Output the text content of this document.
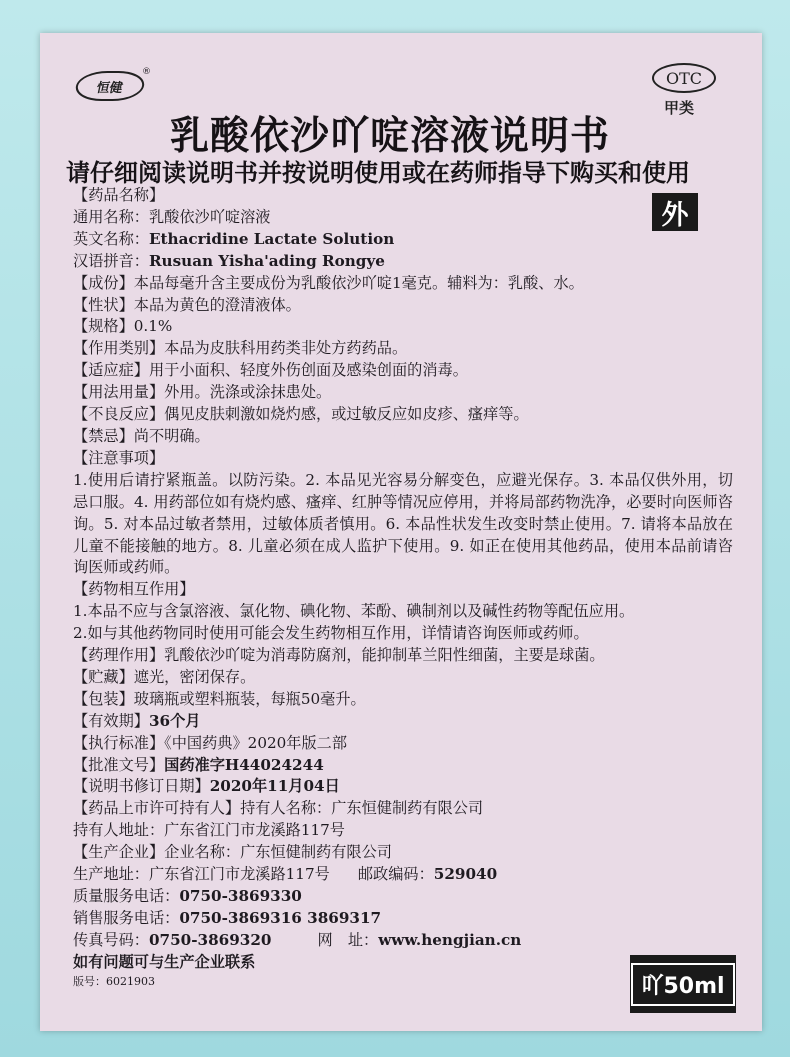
恒健
®	OTC
甲类
乳酸依沙吖啶溶液说明书
请仔细阅读说明书并按说明使用或在药师指导下购买和使用
外
【药品名称】
通用名称：乳酸依沙吖啶溶液
英文名称：Ethacridine Lactate Solution
汉语拼音：Rusuan Yisha'ading Rongye
【成份】本品每毫升含主要成份为乳酸依沙吖啶1毫克。辅料为：乳酸、水。
【性状】本品为黄色的澄清液体。
【规格】0.1%
【作用类别】本品为皮肤科用药类非处方药药品。
【适应症】用于小面积、轻度外伤创面及感染创面的消毒。
【用法用量】外用。洗涤或涂抹患处。
【不良反应】偶见皮肤刺激如烧灼感，或过敏反应如皮疹、瘙痒等。
【禁忌】尚不明确。
【注意事项】
1.使用后请拧紧瓶盖。以防污染。2. 本品见光容易分解变色，应避光保存。3. 本品仅供外用，切忌口服。4. 用药部位如有烧灼感、瘙痒、红肿等情况应停用，并将局部药物洗净，必要时向医师咨询。5. 对本品过敏者禁用，过敏体质者慎用。6. 本品性状发生改变时禁止使用。7. 请将本品放在儿童不能接触的地方。8. 儿童必须在成人监护下使用。9. 如正在使用其他药品，使用本品前请咨询医师或药师。
【药物相互作用】
1.本品不应与含氯溶液、氯化物、碘化物、苯酚、碘制剂以及碱性药物等配伍应用。
2.如与其他药物同时使用可能会发生药物相互作用，详情请咨询医师或药师。
【药理作用】乳酸依沙吖啶为消毒防腐剂，能抑制革兰阳性细菌，主要是球菌。
【贮藏】遮光，密闭保存。
【包装】玻璃瓶或塑料瓶装，每瓶50毫升。
【有效期】36个月
【执行标准】《中国药典》2020年版二部
【批准文号】国药准字H44024244
【说明书修订日期】2020年11月04日
【药品上市许可持有人】持有人名称：广东恒健制药有限公司
持有人地址：广东省江门市龙溪路117号
【生产企业】企业名称：广东恒健制药有限公司
生产地址：广东省江门市龙溪路117号 邮政编码：529040
质量服务电话：0750-3869330
销售服务电话：0750-3869316 3869317
传真号码：0750-3869320	网　址：www.hengjian.cn
如有问题可与生产企业联系
版号：6021903	吖50ml
